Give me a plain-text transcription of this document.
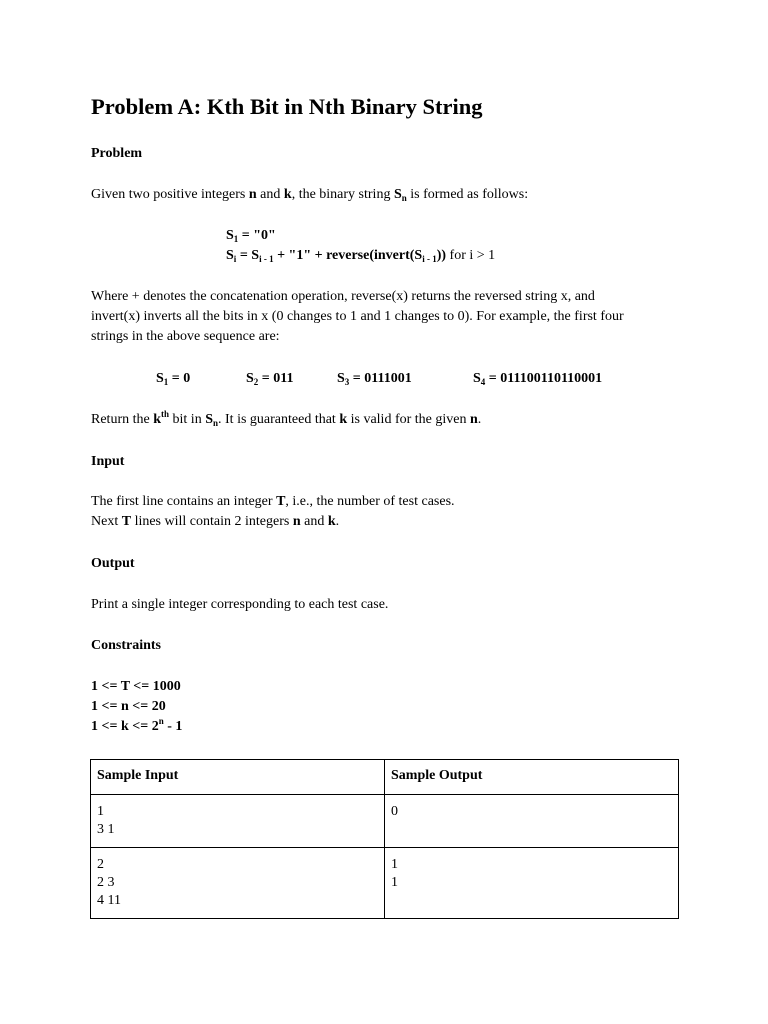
Problem A: Kth Bit in Nth Binary String
Problem

Given two positive integers n and k, the binary string $S_n$ is formed as follows:

$S_1$ = "0"
$S_i = S_{i - 1}$ + "1" + $reverse(invert(S_{i - 1}))$ for i > 1

Where + denotes the concatenation operation, reverse(x) returns the reversed string x, and
invert(x) inverts all the bits in x (0 changes to 1 and 1 changes to 0). For example, the first four
strings in the above sequence are:

$S_1 = 0$	$S_2 = 011$	$S_3 = 0111001$	$S_4 = 011100110110001$

Return the $k^{th}$ bit in $S_n$. It is guaranteed that k is valid for the given n.

Input

The first line contains an integer T, i.e., the number of test cases.
Next T lines will contain 2 integers n and k.

Output

Print a single integer corresponding to each test case.

Constraints
1 <= T <= 1000
1 <= n <= 20
$1 <= k <= 2^n - 1$
Sample Input	Sample Output

1
3 1	0

2
2 3
4 11	1
1
